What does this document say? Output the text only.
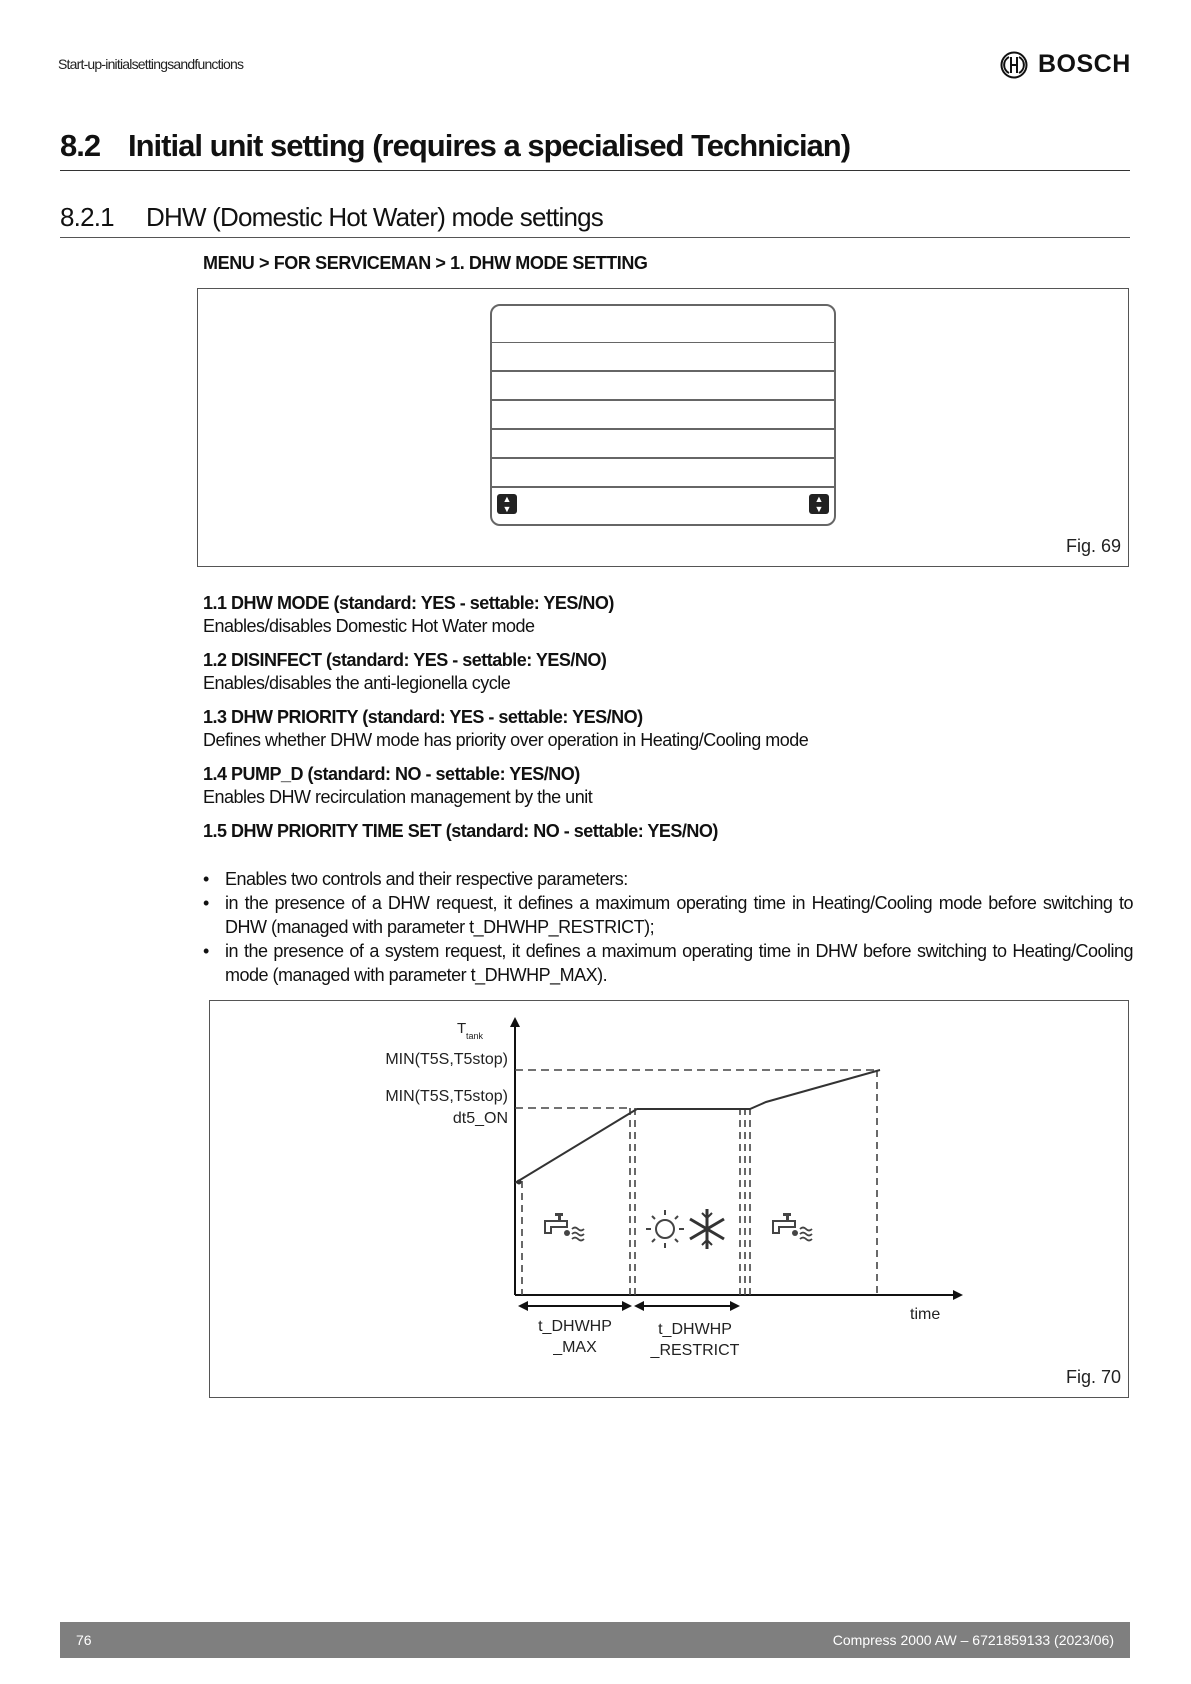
Start-up-initialsettingsandfunctions	BOSCH
8.2 Initial unit setting (requires a specialised Technician)
8.2.1 DHW (Domestic Hot Water) mode settings
MENU > FOR SERVICEMAN > 1. DHW MODE SETTING
▲
▼
▲
▼
Fig. 69
1.1 DHW MODE (standard: YES - settable: YES/NO)
Enables/disables Domestic Hot Water mode
1.2 DISINFECT (standard: YES - settable: YES/NO)
Enables/disables the anti-legionella cycle
1.3 DHW PRIORITY (standard: YES - settable: YES/NO)
Defines whether DHW mode has priority over operation in Heating/Cooling mode
1.4 PUMP_D (standard: NO - settable: YES/NO)
Enables DHW recirculation management by the unit
1.5 DHW PRIORITY TIME SET (standard: NO - settable: YES/NO)
• Enables two controls and their respective parameters:
• in the presence of a DHW request, it defines a maximum operating time in Heating/Cooling mode before switching to DHW (managed with parameter t_DHWHP_RESTRICT);
• in the presence of a system request, it defines a maximum operating time in DHW before switching to Heating/Cooling mode (managed with parameter t_DHWHP_MAX).
T tank
MIN(T5S,T5stop)
MIN(T5S,T5stop)
dt5_ON
time
t_DHWHP
_MAX
t_DHWHP
_RESTRICT
Fig. 70
76	Compress 2000 AW – 6721859133 (2023/06)
